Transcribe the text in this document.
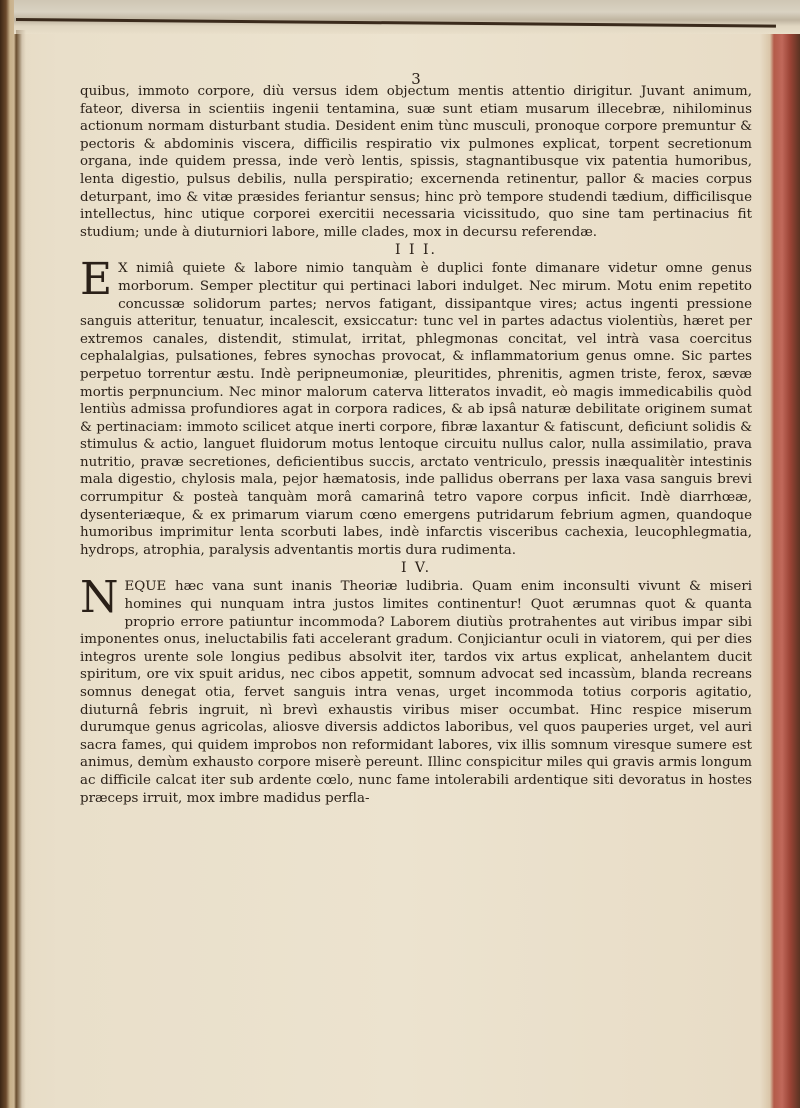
3

quibus, immoto corpore, diù versus idem objectum mentis attentio dirigitur. Juvant animum, fateor, diversa in scientiis ingenii tentamina, suæ sunt etiam musarum illecebræ, nihilominus actionum normam disturbant studia. Desident enim tùnc musculi, pronoque corpore premuntur & pectoris & abdominis viscera, difficilis respiratio vix pulmones explicat, torpent secretionum organa, inde quidem pressa, inde verò lentis, spissis, stagnantibusque vix patentia humoribus, lenta digestio, pulsus debilis, nulla perspiratio; excernenda retinentur, pallor & macies corpus deturpant, imo & vitæ præsides feriantur sensus; hinc prò tempore studendi tædium, difficilisque intellectus, hinc utique corporei exercitii necessaria vicissitudo, quo sine tam pertinacius fit studium; unde à diuturniori labore, mille clades, mox in decursu referendæ.

I I I.

E X nimiâ quiete & labore nimio tanquàm è duplici fonte dimanare videtur omne genus morborum. Semper plectitur qui pertinaci labori indulget. Nec mirum. Motu enim repetito concussæ solidorum partes; nervos fatigant, dissipantque vires; actus ingenti pressione sanguis atteritur, tenuatur, incalescit, exsiccatur: tunc vel in partes adactus violentiùs, hæret per extremos canales, distendit, stimulat, irritat, phlegmonas concitat, vel intrà vasa coercitus cephalalgias, pulsationes, febres synochas provocat, & inflammatorium genus omne. Sic partes perpetuo torrentur æstu. Indè peripneumoniæ, pleuritides, phrenitis, agmen triste, ferox, sævæ mortis perpnuncium. Nec minor malorum caterva litteratos invadit, eò magis immedicabilis quòd lentiùs admissa profundiores agat in corpora radices, & ab ipsâ naturæ debilitate originem sumat & pertinaciam: immoto scilicet atque inerti corpore, fibræ laxantur & fatiscunt, deficiunt solidis & stimulus & actio, languet fluidorum motus lentoque circuitu nullus calor, nulla assimilatio, prava nutritio, pravæ secretiones, deficientibus succis, arctato ventriculo, pressis inæqualitèr intestinis mala digestio, chylosis mala, pejor hæmatosis, inde pallidus oberrans per laxa vasa sanguis brevi corrumpitur & posteà tanquàm morâ camarinâ tetro vapore corpus inficit. Indè diarrhœæ, dysenteriæque, & ex primarum viarum cœno emergens putridarum febrium agmen, quandoque humoribus imprimitur lenta scorbuti labes, indè infarctis visceribus cachexia, leucophlegmatia, hydrops, atrophia, paralysis adventantis mortis dura rudimenta.

I V.

NEQUE hæc vana sunt inanis Theoriæ ludibria. Quam enim inconsulti vivunt & miseri homines qui nunquam intra justos limites continentur! Quot ærumnas quot & quanta proprio errore patiuntur incommoda? Laborem diutiùs protrahentes aut viribus impar sibi imponentes onus, ineluctabilis fati accelerant gradum. Conjiciantur oculi in viatorem, qui per dies integros urente sole longius pedibus absolvit iter, tardos vix artus explicat, anhelantem ducit spiritum, ore vix spuit aridus, nec cibos appetit, somnum advocat sed incassùm, blanda recreans somnus denegat otia, fervet sanguis intra venas, urget incommoda totius corporis agitatio, diuturnâ febris ingruit, nì brevì exhaustis viribus miser occumbat. Hinc respice miserum durumque genus agricolas, aliosve diversis addictos laboribus, vel quos pauperies urget, vel auri sacra fames, qui quidem improbos non reformidant labores, vix illis somnum viresque sumere est animus, demùm exhausto corpore miserè pereunt. Illinc conspicitur miles qui gravis armis longum ac difficile calcat iter sub ardente cœlo, nunc fame intolerabili ardentique siti devoratus in hostes præceps irruit, mox imbre madidus perfla-
